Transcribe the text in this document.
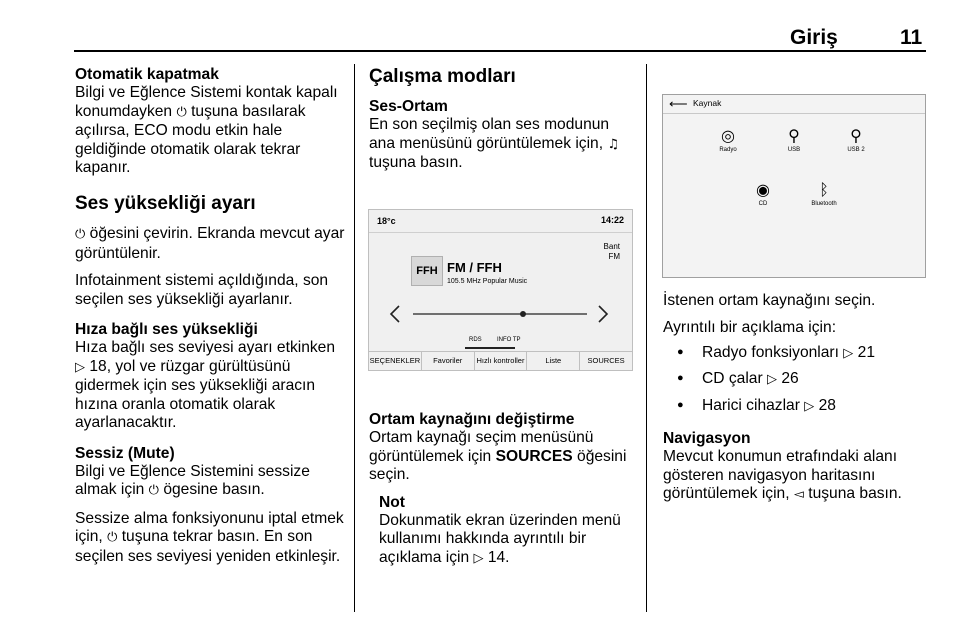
Giriş	11
Otomatik kapatmak

Bilgi ve Eğlence Sistemi kontak kapalı konumdayken ⏻ tuşuna basılarak açılırsa, ECO modu etkin hale geldiğinde otomatik olarak tekrar kapanır.

Ses yüksekliği ayarı

⏻ öğesini çevirin. Ekranda mevcut ayar görüntülenir.

Infotainment sistemi açıldığında, son seçilen ses yüksekliği ayarlanır.

Hıza bağlı ses yüksekliği

Hıza bağlı ses seviyesi ayarı etkinken ▷ 18, yol ve rüzgar gürültüsünü gidermek için ses yüksekliği aracın hızına oranla otomatik olarak ayarlanacaktır.

Sessiz (Mute)

Bilgi ve Eğlence Sistemini sessize almak için ⏻ ögesine basın.

Sessize alma fonksiyonunu iptal etmek için, ⏻ tuşuna tekrar basın. En son seçilen ses seviyesi yeniden etkinleşir.

Çalışma modları
Ses-Ortam

En son seçilmiş olan ses modunun ana menüsünü görüntülemek için, ♫ tuşuna basın.

18°c	14:22
Bant
FM
FFH FM / FFH
105.5 MHz Popular Music
RDS	INFO TP
SEÇENEKLER	Favoriler	Hızlı kontroller	Liste	SOURCES
Ortam kaynağını değiştirme

Ortam kaynağı seçim menüsünü görüntülemek için SOURCES öğesini seçin.

Not

Dokunmatik ekran üzerinden menü kullanımı hakkında ayrıntılı bir açıklama için ▷ 14.

⟵ Kaynak
◎
Radyo
⚲
USB
⚲
USB 2
◉
CD
ᛒ
Bluetooth

İstenen ortam kaynağını seçin.

Ayrıntılı bir açıklama için:

● Radyo fonksiyonları ▷ 21
● CD çalar ▷ 26
● Harici cihazlar ▷ 28
Navigasyon

Mevcut konumun etrafındaki alanı gösteren navigasyon haritasını görüntülemek için, ◅ tuşuna basın.
